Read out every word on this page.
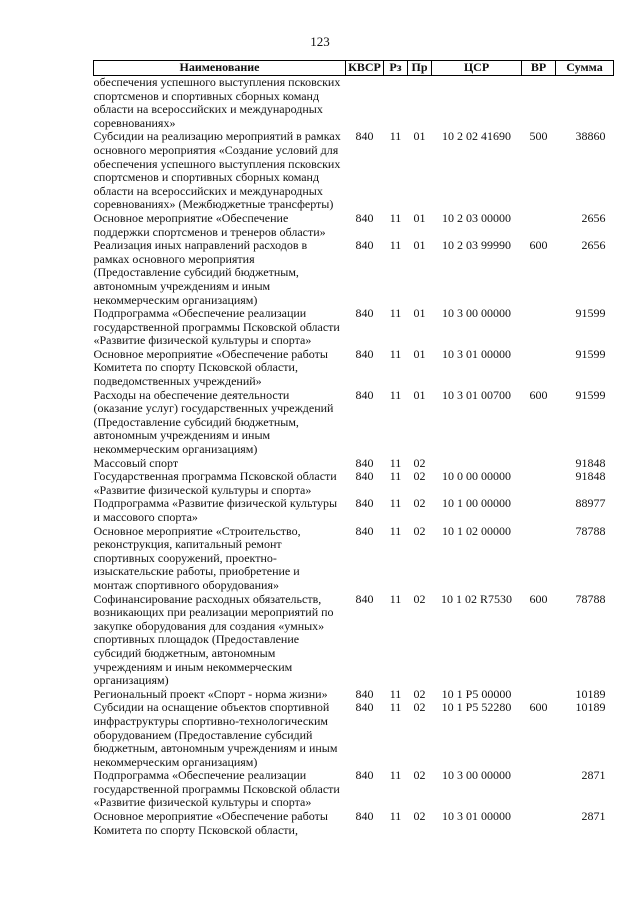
123
Наименование	КВСР	Рз	Пр	ЦСР	ВР	Сумма
обеспечения успешного выступления псковских спортсменов и спортивных сборных команд области на всероссийских и международных соревнованиях»						
Субсидии на реализацию мероприятий в рамках основного мероприятия «Создание условий для обеспечения успешного выступления псковских спортсменов и спортивных сборных команд области на всероссийских и международных соревнованиях» (Межбюджетные трансферты)	840	11	01	10 2 02 41690	500	38860
Основное мероприятие «Обеспечение поддержки спортсменов и тренеров области»	840	11	01	10 2 03 00000		2656
Реализация иных направлений расходов в рамках основного мероприятия (Предоставление субсидий бюджетным, автономным учреждениям и иным некоммерческим организациям)	840	11	01	10 2 03 99990	600	2656
Подпрограмма «Обеспечение реализации государственной программы Псковской области «Развитие физической культуры и спорта»	840	11	01	10 3 00 00000		91599
Основное мероприятие «Обеспечение работы Комитета по спорту Псковской области, подведомственных учреждений»	840	11	01	10 3 01 00000		91599
Расходы на обеспечение деятельности (оказание услуг) государственных учреждений (Предоставление субсидий бюджетным, автономным учреждениям и иным некоммерческим организациям)	840	11	01	10 3 01 00700	600	91599
Массовый спорт	840	11	02			91848
Государственная программа Псковской области «Развитие физической культуры и спорта»	840	11	02	10 0 00 00000		91848
Подпрограмма «Развитие физической культуры и массового спорта»	840	11	02	10 1 00 00000		88977
Основное мероприятие «Строительство, реконструкция, капитальный ремонт спортивных сооружений, проектно-изыскательские работы, приобретение и монтаж спортивного оборудования»	840	11	02	10 1 02 00000		78788
Софинансирование расходных обязательств, возникающих при реализации мероприятий по закупке оборудования для создания «умных» спортивных площадок (Предоставление субсидий бюджетным, автономным учреждениям и иным некоммерческим организациям)	840	11	02	10 1 02 R7530	600	78788
Региональный проект «Спорт - норма жизни»	840	11	02	10 1 P5 00000		10189
Субсидии на оснащение объектов спортивной инфраструктуры спортивно-технологическим оборудованием (Предоставление субсидий бюджетным, автономным учреждениям и иным некоммерческим организациям)	840	11	02	10 1 P5 52280	600	10189
Подпрограмма «Обеспечение реализации государственной программы Псковской области «Развитие физической культуры и спорта»	840	11	02	10 3 00 00000		2871
Основное мероприятие «Обеспечение работы Комитета по спорту Псковской области,	840	11	02	10 3 01 00000		2871
